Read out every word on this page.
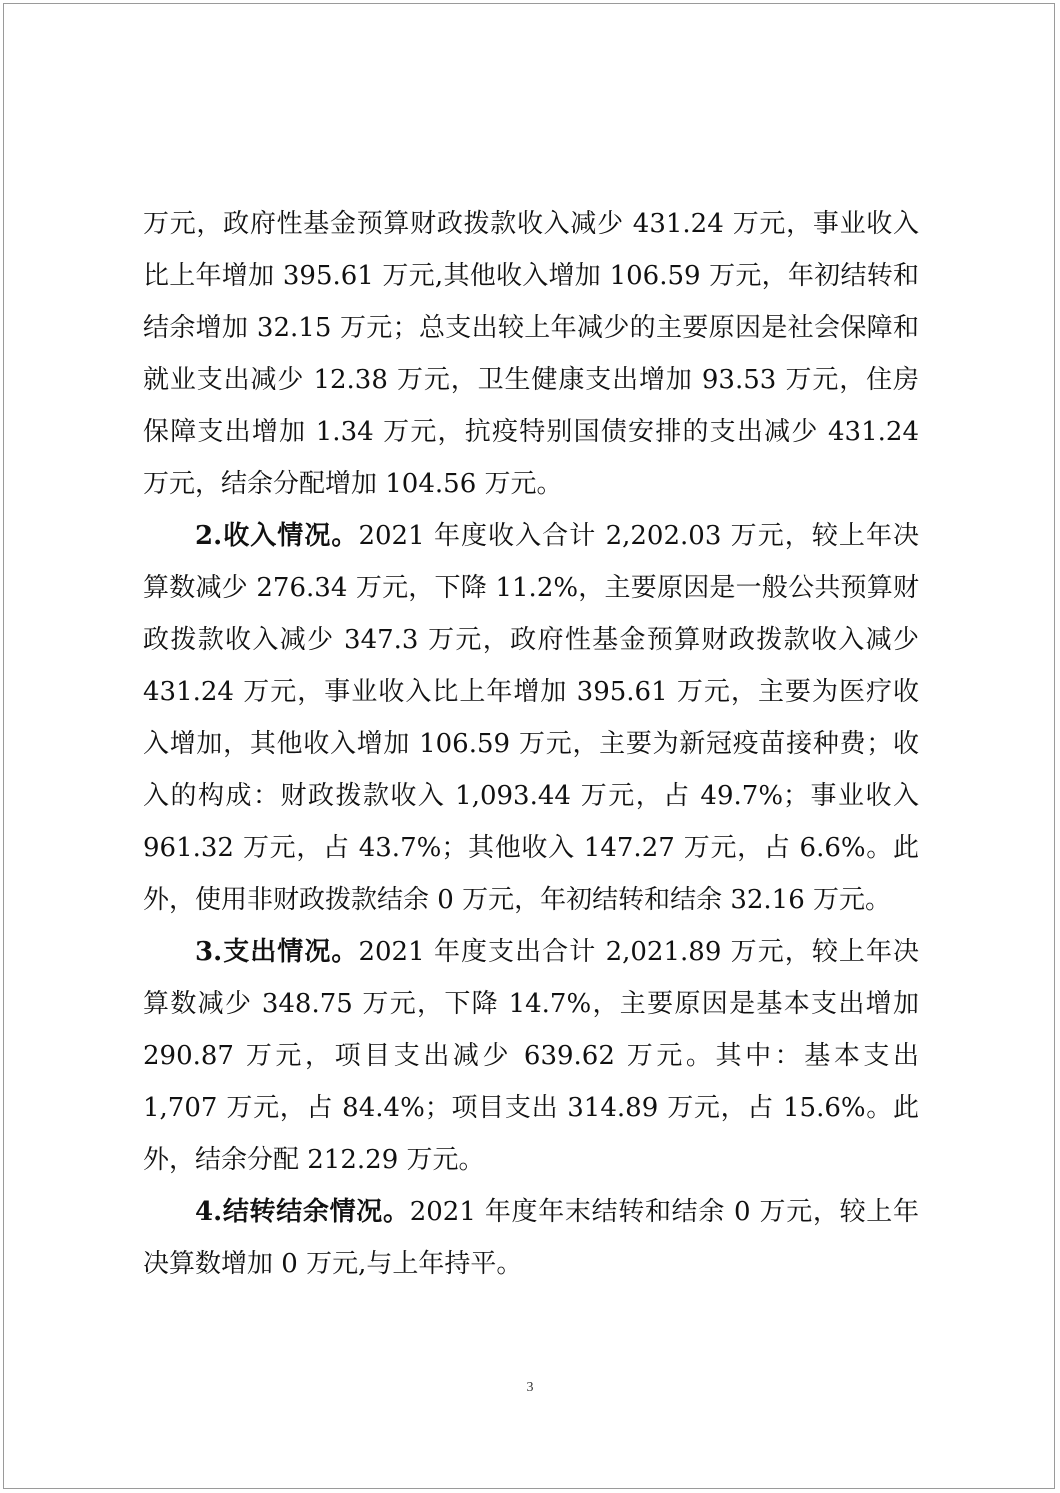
万元，政府性基金预算财政拨款收入减少 431.24 万元，事业收入比上年增加 395.61 万元,其他收入增加 106.59 万元，年初结转和结余增加 32.15 万元；总支出较上年减少的主要原因是社会保障和就业支出减少 12.38 万元，卫生健康支出增加 93.53 万元，住房保障支出增加 1.34 万元，抗疫特别国债安排的支出减少 431.24 万元，结余分配增加 104.56 万元。

2.收入情况。2021 年度收入合计 2,202.03 万元，较上年决算数减少 276.34 万元，下降 11.2%，主要原因是一般公共预算财政拨款收入减少 347.3 万元，政府性基金预算财政拨款收入减少 431.24 万元，事业收入比上年增加 395.61 万元，主要为医疗收入增加，其他收入增加 106.59 万元，主要为新冠疫苗接种费；收入的构成：财政拨款收入 1,093.44 万元，占 49.7%；事业收入 961.32 万元，占 43.7%；其他收入 147.27 万元，占 6.6%。此外，使用非财政拨款结余 0 万元，年初结转和结余 32.16 万元。

3.支出情况。2021 年度支出合计 2,021.89 万元，较上年决算数减少 348.75 万元，下降 14.7%，主要原因是基本支出增加 290.87 万元，项目支出减少 639.62 万元。其中：基本支出 1,707 万元，占 84.4%；项目支出 314.89 万元，占 15.6%。此外，结余分配 212.29 万元。

4.结转结余情况。2021 年度年末结转和结余 0 万元，较上年决算数增加 0 万元,与上年持平。

3
